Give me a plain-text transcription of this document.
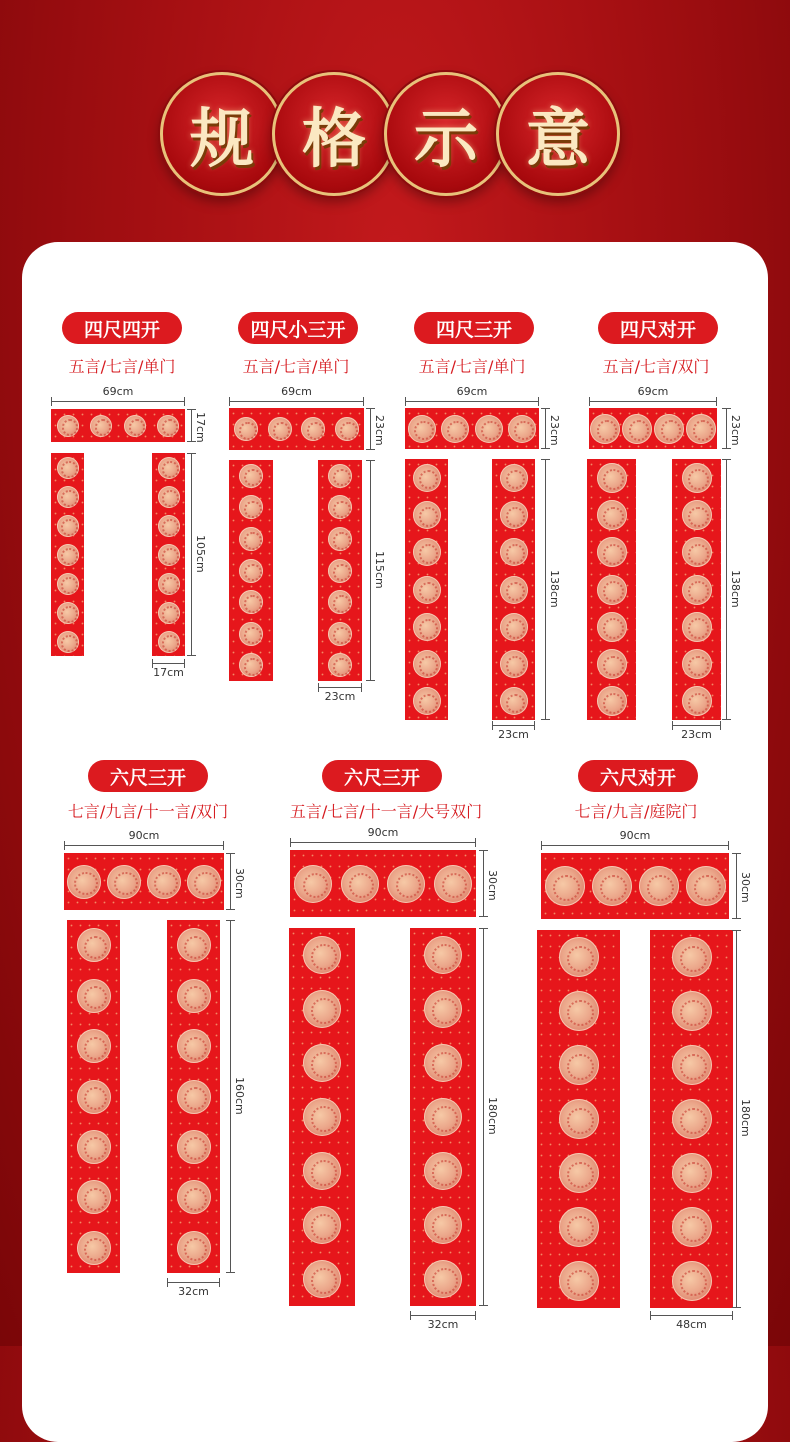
规 格 示 意
四尺四开
五言/七言/单门
69cm
17cm
105cm
17cm
四尺小三开
五言/七言/单门
69cm
23cm
115cm
23cm
四尺三开
五言/七言/单门
69cm
23cm
138cm
23cm
四尺对开
五言/七言/双门
69cm
23cm
138cm
23cm
六尺三开
七言/九言/十一言/双门
90cm
30cm
160cm
32cm
六尺三开
五言/七言/十一言/大号双门
90cm
30cm
180cm
32cm
六尺对开
七言/九言/庭院门
90cm
30cm
180cm
48cm
